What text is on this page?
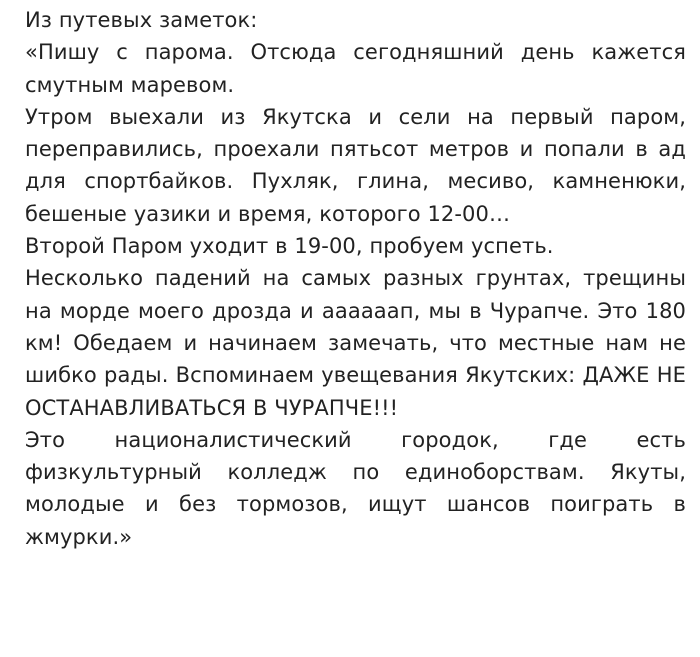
Из путевых заметок:

«Пишу с парома. Отсюда сегодняшний день кажется смутным маревом.

Утром выехали из Якутска и сели на первый паром, переправились, проехали пятьсот метров и попали в ад для спортбайков. Пухляк, глина, месиво, камненюки, бешеные уазики и время, которого 12-00…

Второй Паром уходит в 19-00, пробуем успеть.

Несколько падений на самых разных грунтах, трещины на морде моего дрозда и аааааап, мы в Чурапче. Это 180 км! Обедаем и начинаем замечать, что местные нам не шибко рады. Вспоминаем увещевания Якутских: ДАЖЕ НЕ ОСТАНАВЛИВАТЬСЯ В ЧУРАПЧЕ!!!

Это националистический городок, где есть физкультурный колледж по единоборствам. Якуты, молодые и без тормозов, ищут шансов поиграть в жмурки.»
